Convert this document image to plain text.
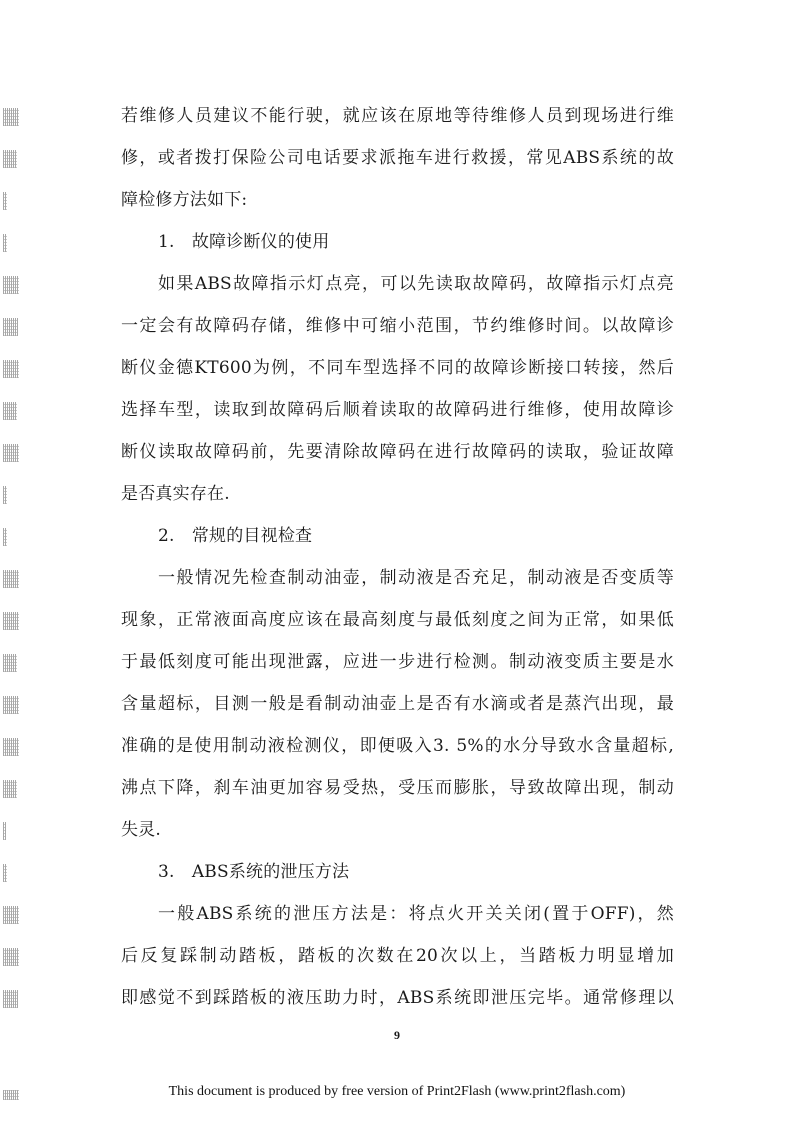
若维修人员建议不能行驶，就应该在原地等待维修人员到现场进行维
修，或者拨打保险公司电话要求派拖车进行救援，常见ABS系统的故
障检修方法如下:
1.　故障诊断仪的使用
如果ABS故障指示灯点亮，可以先读取故障码，故障指示灯点亮
一定会有故障码存储，维修中可缩小范围，节约维修时间。以故障诊
断仪金德KT600为例，不同车型选择不同的故障诊断接口转接，然后
选择车型，读取到故障码后顺着读取的故障码进行维修，使用故障诊
断仪读取故障码前，先要清除故障码在进行故障码的读取，验证故障
是否真实存在.
2.　常规的目视检查
一般情况先检查制动油壶，制动液是否充足，制动液是否变质等
现象，正常液面高度应该在最高刻度与最低刻度之间为正常，如果低
于最低刻度可能出现泄露，应进一步进行检测。制动液变质主要是水
含量超标，目测一般是看制动油壶上是否有水滴或者是蒸汽出现，最
准确的是使用制动液检测仪，即便吸入3. 5%的水分导致水含量超标,
沸点下降，刹车油更加容易受热，受压而膨胀，导致故障出现，制动
失灵.
3.　ABS系统的泄压方法
一般ABS系统的泄压方法是：将点火开关关闭(置于OFF)，然
后反复踩制动踏板，踏板的次数在20次以上，当踏板力明显增加
即感觉不到踩踏板的液压助力时，ABS系统即泄压完毕。通常修理以
9
This document is produced by free version of Print2Flash (www.print2flash.com)
